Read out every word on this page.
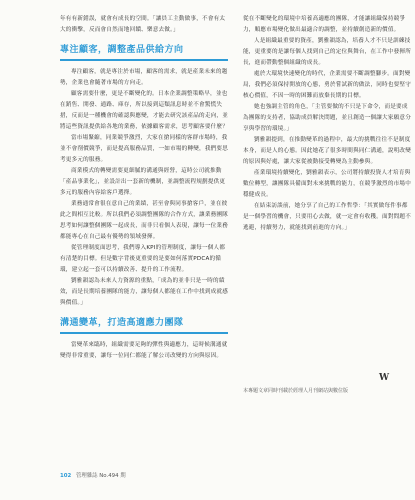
年有有新錯誤，就會有成長的空間。「讓員工主動做事，不會有太大的衝擊，反而會自然而地回饋、樂意去做。」

專注顧客，調整產品供給方向

專注顧客，就是專注於市場，顧客的需求，就是產業未來的趨勢，企業也會隨著市場的方向走。

顧客需要什麼，更是不斷變化的。日本企業調整策略早，並也在銷售、開發、通路、庫存，所以接到這類訊息時並不會驚慌失措，反而是一種機會的確認與應變，才能去研究該產品的走向，並將這些資訊提供給各地的業務，依據顧客需求，思考顧客要什麼？

當市場緊縮，同業競爭激烈，大家在搶同樣的客群市場時，我並不會削價競爭，而是提高服務品質，一如市場的轉變，我們要思考更多元的服務。

商業模式的轉變需要更細膩的溝通與經營，這時公司就推動「產品事業化」，並設計出一套新的機制，並調整流程規劃提供更多元的服務內容給客戶選擇。

業務通常會很在意自己的業績，甚至會與同事搶客戶，並在彼此之間相互比較。所以我們必須調整團隊的合作方式，讓業務團隊思考如何讓整個團隊一起成長，而非只看個人表現，讓每一位業務都能專心在自己最有優勢的領域發揮。

從管理制度面思考，我們導入KPI的管理制度，讓每一個人都有清楚的目標。但是數字背後更重要的是要如何落實PDCA的循環，建立起一套可以持續改善、提升的工作流程。

劉雅韻認為未來人力資源的重點，「成為的並非只是一時的績效，而是長期培養團隊的能力，讓每個人都能在工作中找到成就感與價值。」

溝通變革，打造高適應力團隊

當變革來臨時，組織需要足夠的彈性與適應力，這時候溝通就變得非常重要，讓每一位同仁都能了解公司改變的方向與原因。

從在不斷變化的環境中培養高適應的團隊，才能讓組織保持競爭力，順應市場變化做出最適合的調整，並持續創造新的價值。

人是組織最重要的資產，劉雅韻認為，培養人才不只是訓練技能，更重要的是讓每個人找到自己的定位與舞台，在工作中發揮所長，進而帶動整個組織的成長。

處於大環境快速變化的時代，企業需要不斷調整腳步。面對變局，我們必須保持開放的心態，勇於嘗試新的做法，同時也要堅守核心價值，不因一時的困難而放棄長期的目標。

她也強調主管的角色，「主管要做的不只是下命令，而是要成為團隊的支持者，協助成員解決問題，並且創造一個讓大家願意分享與學習的環境。」

劉雅韻提到，在推動變革的過程中，最大的挑戰往往不是制度本身，而是人的心態。因此她花了很多時間與同仁溝通，說明改變的原因與好處，讓大家從被動接受轉變為主動參與。

產業環境持續變化，劉雅韻表示，公司將持續投資人才培育與數位轉型，讓團隊具備面對未來挑戰的能力，在競爭激烈的市場中穩健成長。

在結束訪談前，她分享了自己的工作哲學：「其實做每件事都是一個學習的機會，只要用心去做，就一定會有收穫。面對問題不逃避，持續努力，就能找到前進的方向。」

W
本專題文章同時刊載於經理人月刊網站與數位版
102 管理雜誌 No.494 期
